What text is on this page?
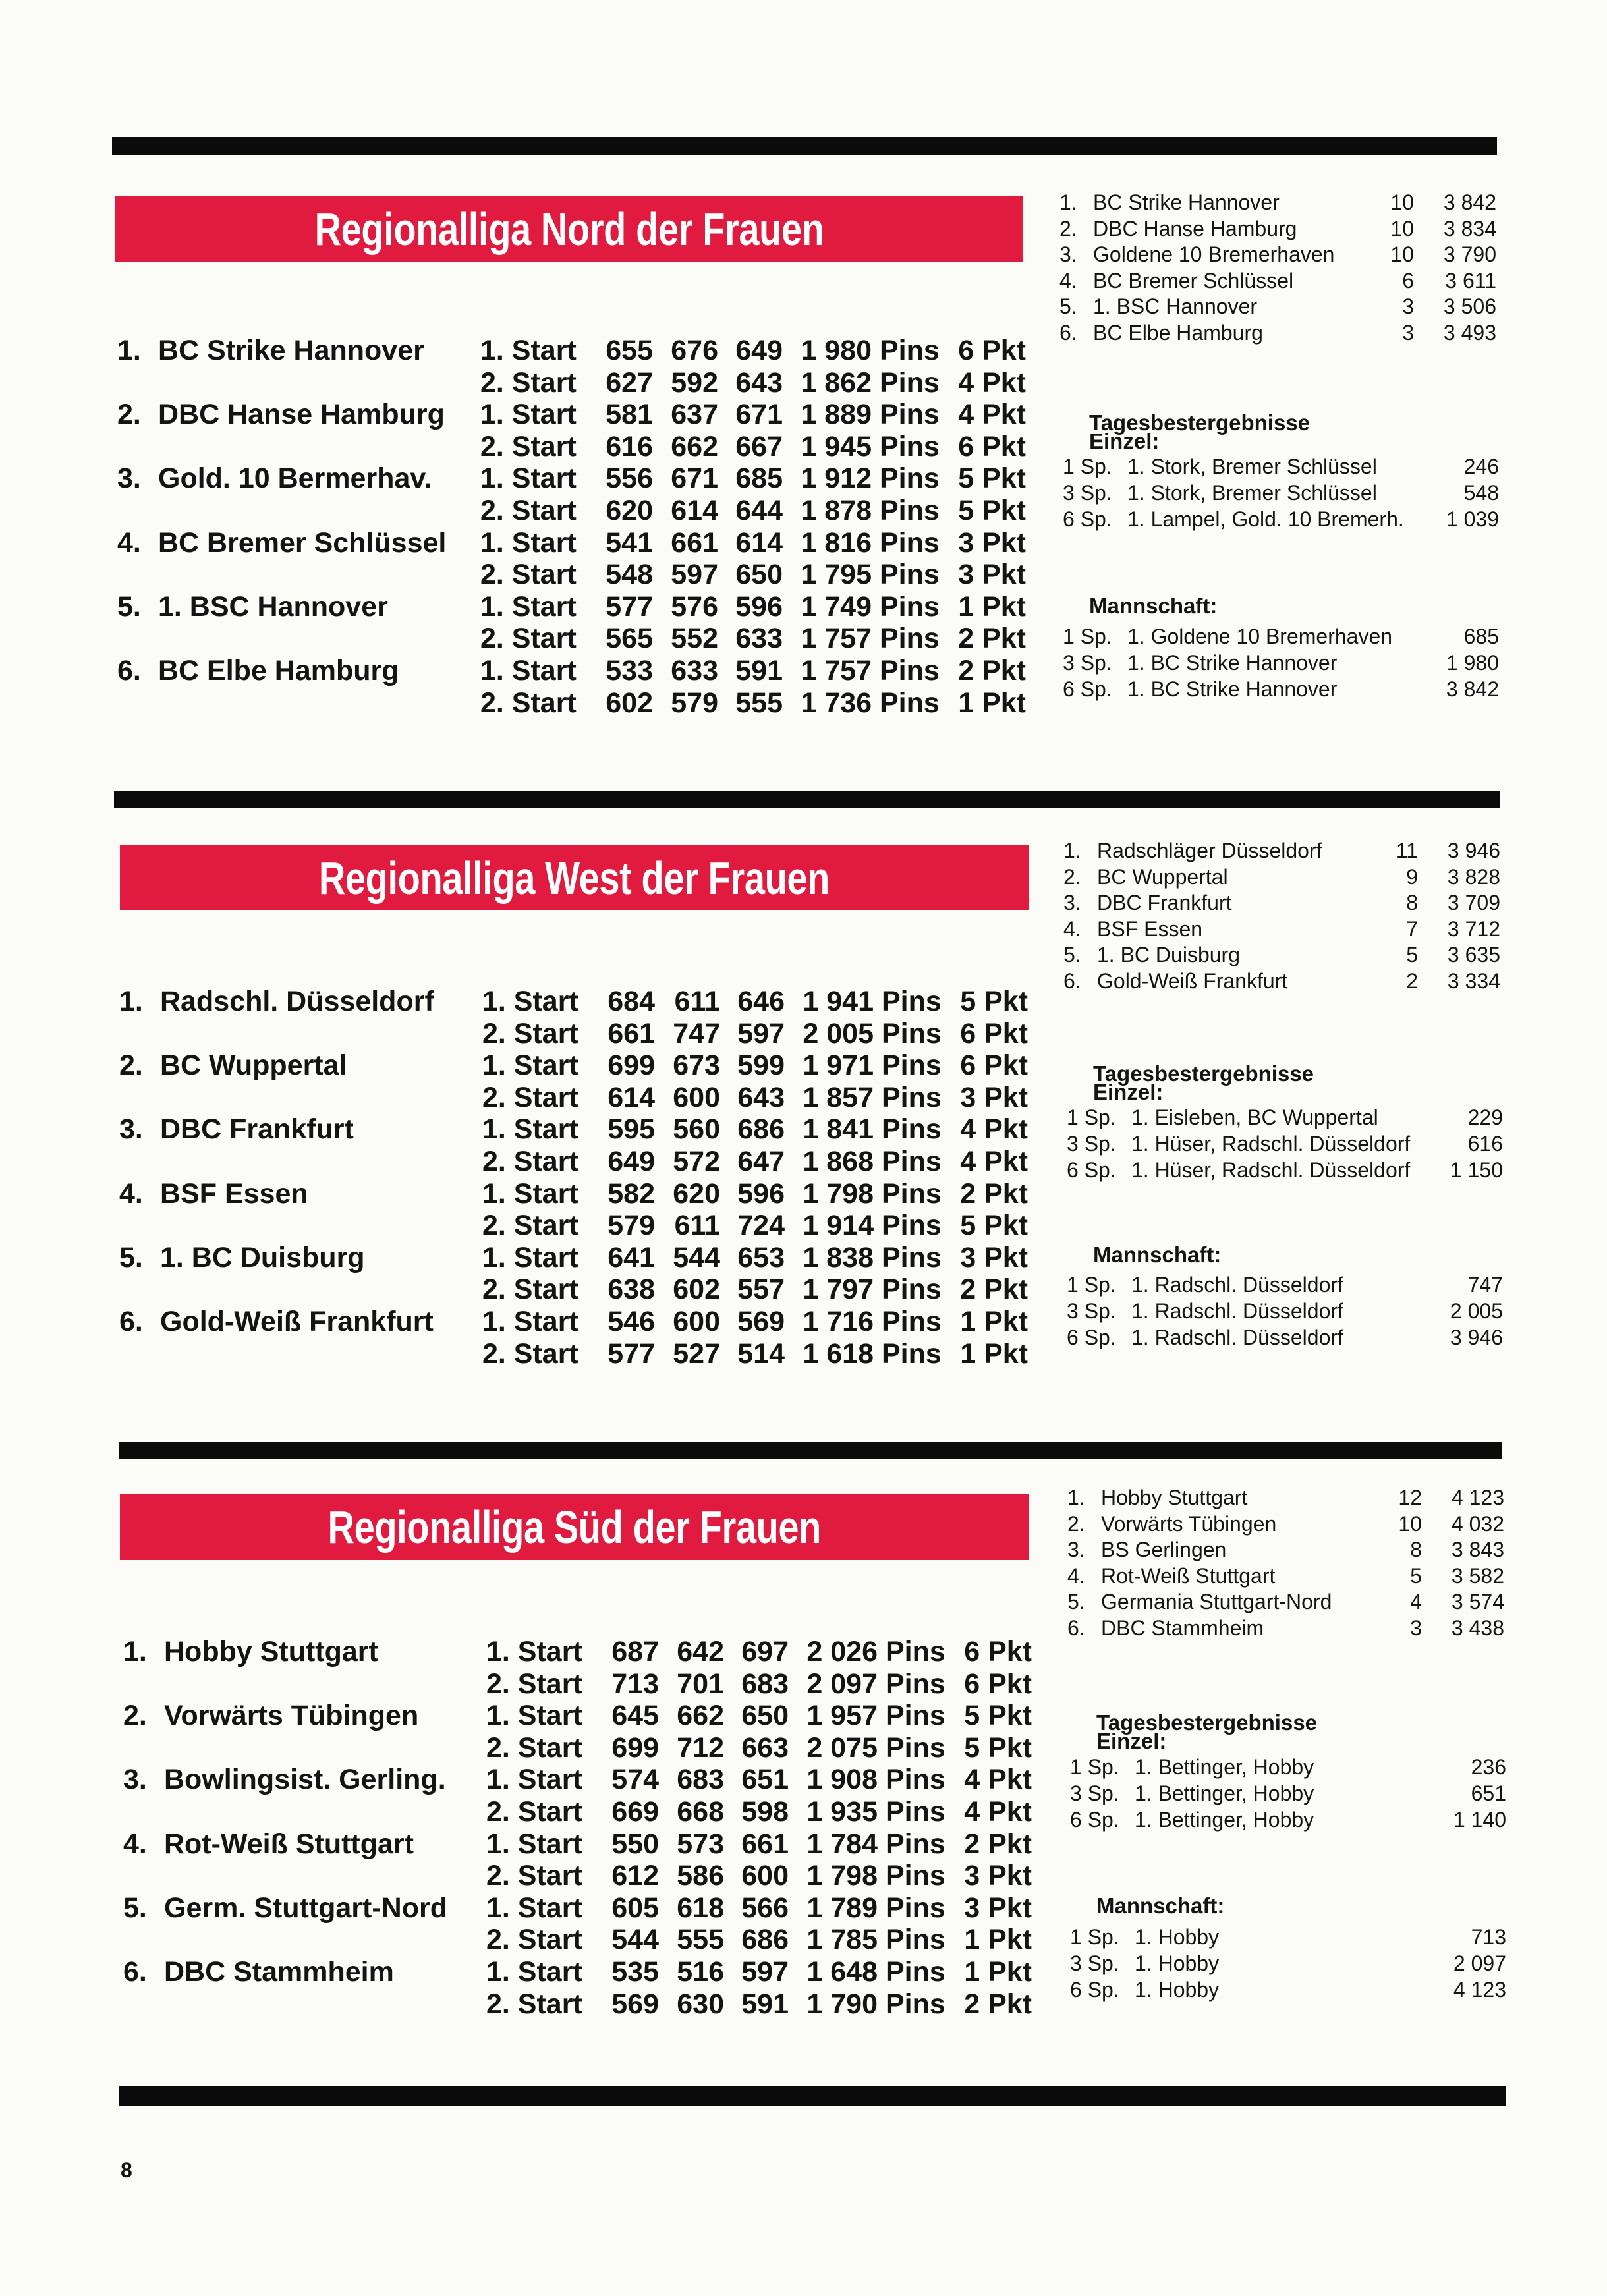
Regionalliga Nord der Frauen
1. BC Strike Hannover	1. Start	655 676 649 1 980 Pins 6 Pkt
2. Start	627 592 643 1 862 Pins 4 Pkt
2. DBC Hanse Hamburg	1. Start	581 637 671 1 889 Pins 4 Pkt
2. Start	616 662 667 1 945 Pins 6 Pkt
3. Gold. 10 Bermerhav.	1. Start	556 671 685 1 912 Pins 5 Pkt
2. Start	620 614 644 1 878 Pins 5 Pkt
4. BC Bremer Schlüssel	1. Start	541 661 614 1 816 Pins 3 Pkt
2. Start	548 597 650 1 795 Pins 3 Pkt
5. 1. BSC Hannover	1. Start	577 576 596 1 749 Pins 1 Pkt
2. Start	565 552 633 1 757 Pins 2 Pkt
6. BC Elbe Hamburg	1. Start	533 633 591 1 757 Pins 2 Pkt
2. Start	602 579 555 1 736 Pins 1 Pkt
1. BC Strike Hannover	10	3 842
2. DBC Hanse Hamburg	10	3 834
3. Goldene 10 Bremerhaven	10	3 790
4. BC Bremer Schlüssel	6	3 611
5. 1. BSC Hannover	3	3 506
6. BC Elbe Hamburg	3	3 493
Tagesbestergebnisse
Einzel:
1 Sp. 1. Stork, Bremer Schlüssel	246
3 Sp. 1. Stork, Bremer Schlüssel	548
6 Sp. 1. Lampel, Gold. 10 Bremerh.	1 039
Mannschaft:
1 Sp. 1. Goldene 10 Bremerhaven	685
3 Sp. 1. BC Strike Hannover	1 980
6 Sp. 1. BC Strike Hannover	3 842
Regionalliga West der Frauen
1. Radschl. Düsseldorf	1. Start	684 611 646 1 941 Pins 5 Pkt
2. Start	661 747 597 2 005 Pins 6 Pkt
2. BC Wuppertal	1. Start	699 673 599 1 971 Pins 6 Pkt
2. Start	614 600 643 1 857 Pins 3 Pkt
3. DBC Frankfurt	1. Start	595 560 686 1 841 Pins 4 Pkt
2. Start	649 572 647 1 868 Pins 4 Pkt
4. BSF Essen	1. Start	582 620 596 1 798 Pins 2 Pkt
2. Start	579 611 724 1 914 Pins 5 Pkt
5. 1. BC Duisburg	1. Start	641 544 653 1 838 Pins 3 Pkt
2. Start	638 602 557 1 797 Pins 2 Pkt
6. Gold-Weiß Frankfurt	1. Start	546 600 569 1 716 Pins 1 Pkt
2. Start	577 527 514 1 618 Pins 1 Pkt
1. Radschläger Düsseldorf	11	3 946
2. BC Wuppertal	9	3 828
3. DBC Frankfurt	8	3 709
4. BSF Essen	7	3 712
5. 1. BC Duisburg	5	3 635
6. Gold-Weiß Frankfurt	2	3 334
Tagesbestergebnisse
Einzel:
1 Sp. 1. Eisleben, BC Wuppertal	229
3 Sp. 1. Hüser, Radschl. Düsseldorf	616
6 Sp. 1. Hüser, Radschl. Düsseldorf	1 150
Mannschaft:
1 Sp. 1. Radschl. Düsseldorf	747
3 Sp. 1. Radschl. Düsseldorf	2 005
6 Sp. 1. Radschl. Düsseldorf	3 946
Regionalliga Süd der Frauen
1. Hobby Stuttgart	1. Start	687 642 697 2 026 Pins 6 Pkt
2. Start	713 701 683 2 097 Pins 6 Pkt
2. Vorwärts Tübingen	1. Start	645 662 650 1 957 Pins 5 Pkt
2. Start	699 712 663 2 075 Pins 5 Pkt
3. Bowlingsist. Gerling.	1. Start	574 683 651 1 908 Pins 4 Pkt
2. Start	669 668 598 1 935 Pins 4 Pkt
4. Rot-Weiß Stuttgart	1. Start	550 573 661 1 784 Pins 2 Pkt
2. Start	612 586 600 1 798 Pins 3 Pkt
5. Germ. Stuttgart-Nord	1. Start	605 618 566 1 789 Pins 3 Pkt
2. Start	544 555 686 1 785 Pins 1 Pkt
6. DBC Stammheim	1. Start	535 516 597 1 648 Pins 1 Pkt
2. Start	569 630 591 1 790 Pins 2 Pkt
1. Hobby Stuttgart	12	4 123
2. Vorwärts Tübingen	10	4 032
3. BS Gerlingen	8	3 843
4. Rot-Weiß Stuttgart	5	3 582
5. Germania Stuttgart-Nord	4	3 574
6. DBC Stammheim	3	3 438
Tagesbestergebnisse
Einzel:
1 Sp. 1. Bettinger, Hobby	236
3 Sp. 1. Bettinger, Hobby	651
6 Sp. 1. Bettinger, Hobby	1 140
Mannschaft:
1 Sp. 1. Hobby	713
3 Sp. 1. Hobby	2 097
6 Sp. 1. Hobby	4 123
8
